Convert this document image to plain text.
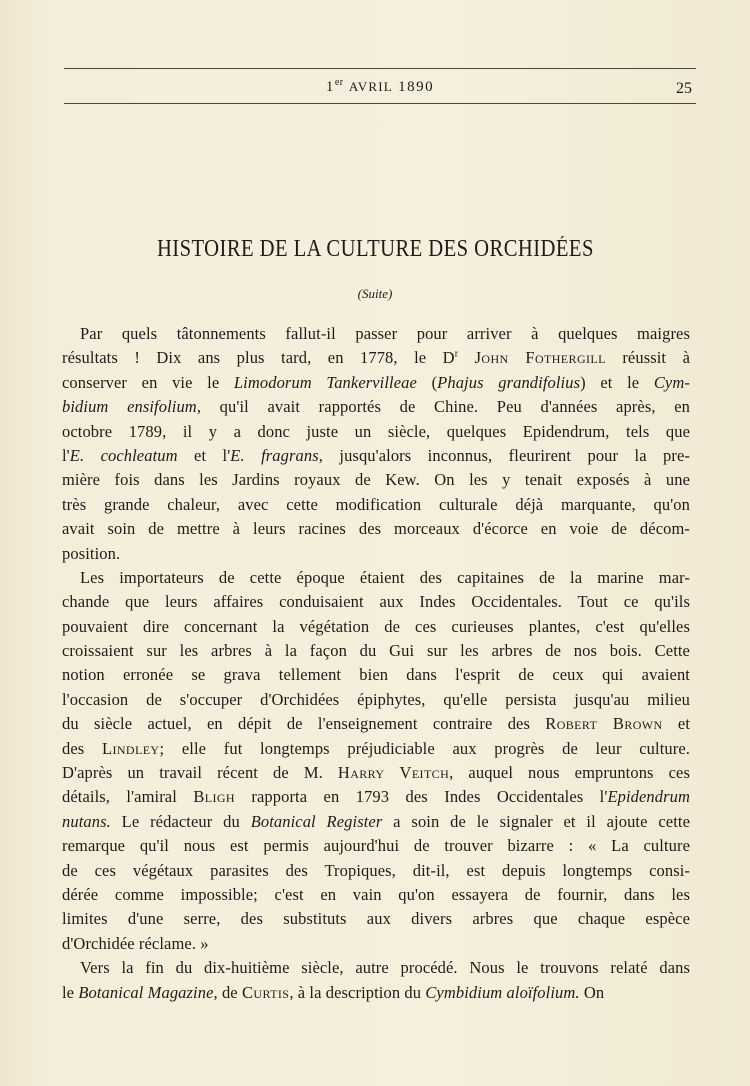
1er AVRIL 1890	25
HISTOIRE DE LA CULTURE DES ORCHIDÉES
(Suite)
Par quels tâtonnements fallut-il passer pour arriver à quelques maigres
résultats ! Dix ans plus tard, en 1778, le $D^r$ John Fothergill réussit à
conserver en vie le Limodorum Tankervilleae (Phajus grandifolius) et le Cym-
bidium ensifolium, qu'il avait rapportés de Chine. Peu d'années après, en
octobre 1789, il y a donc juste un siècle, quelques Epidendrum, tels que
l'E. cochleatum et l'E. fragrans, jusqu'alors inconnus, fleurirent pour la pre-
mière fois dans les Jardins royaux de Kew. On les y tenait exposés à une
très grande chaleur, avec cette modification culturale déjà marquante, qu'on
avait soin de mettre à leurs racines des morceaux d'écorce en voie de décom-
position.
Les importateurs de cette époque étaient des capitaines de la marine mar-
chande que leurs affaires conduisaient aux Indes Occidentales. Tout ce qu'ils
pouvaient dire concernant la végétation de ces curieuses plantes, c'est qu'elles
croissaient sur les arbres à la façon du Gui sur les arbres de nos bois. Cette
notion erronée se grava tellement bien dans l'esprit de ceux qui avaient
l'occasion de s'occuper d'Orchidées épiphytes, qu'elle persista jusqu'au milieu
du siècle actuel, en dépit de l'enseignement contraire des Robert Brown et
des Lindley; elle fut longtemps préjudiciable aux progrès de leur culture.
D'après un travail récent de M. Harry Veitch, auquel nous empruntons ces
détails, l'amiral Bligh rapporta en 1793 des Indes Occidentales l'Epidendrum
nutans. Le rédacteur du Botanical Register a soin de le signaler et il ajoute cette
remarque qu'il nous est permis aujourd'hui de trouver bizarre : « La culture
de ces végétaux parasites des Tropiques, dit-il, est depuis longtemps consi-
dérée comme impossible; c'est en vain qu'on essayera de fournir, dans les
limites d'une serre, des substituts aux divers arbres que chaque espèce
d'Orchidée réclame. »
Vers la fin du dix-huitième siècle, autre procédé. Nous le trouvons relaté dans
le Botanical Magazine, de Curtis, à la description du Cymbidium aloïfolium. On
